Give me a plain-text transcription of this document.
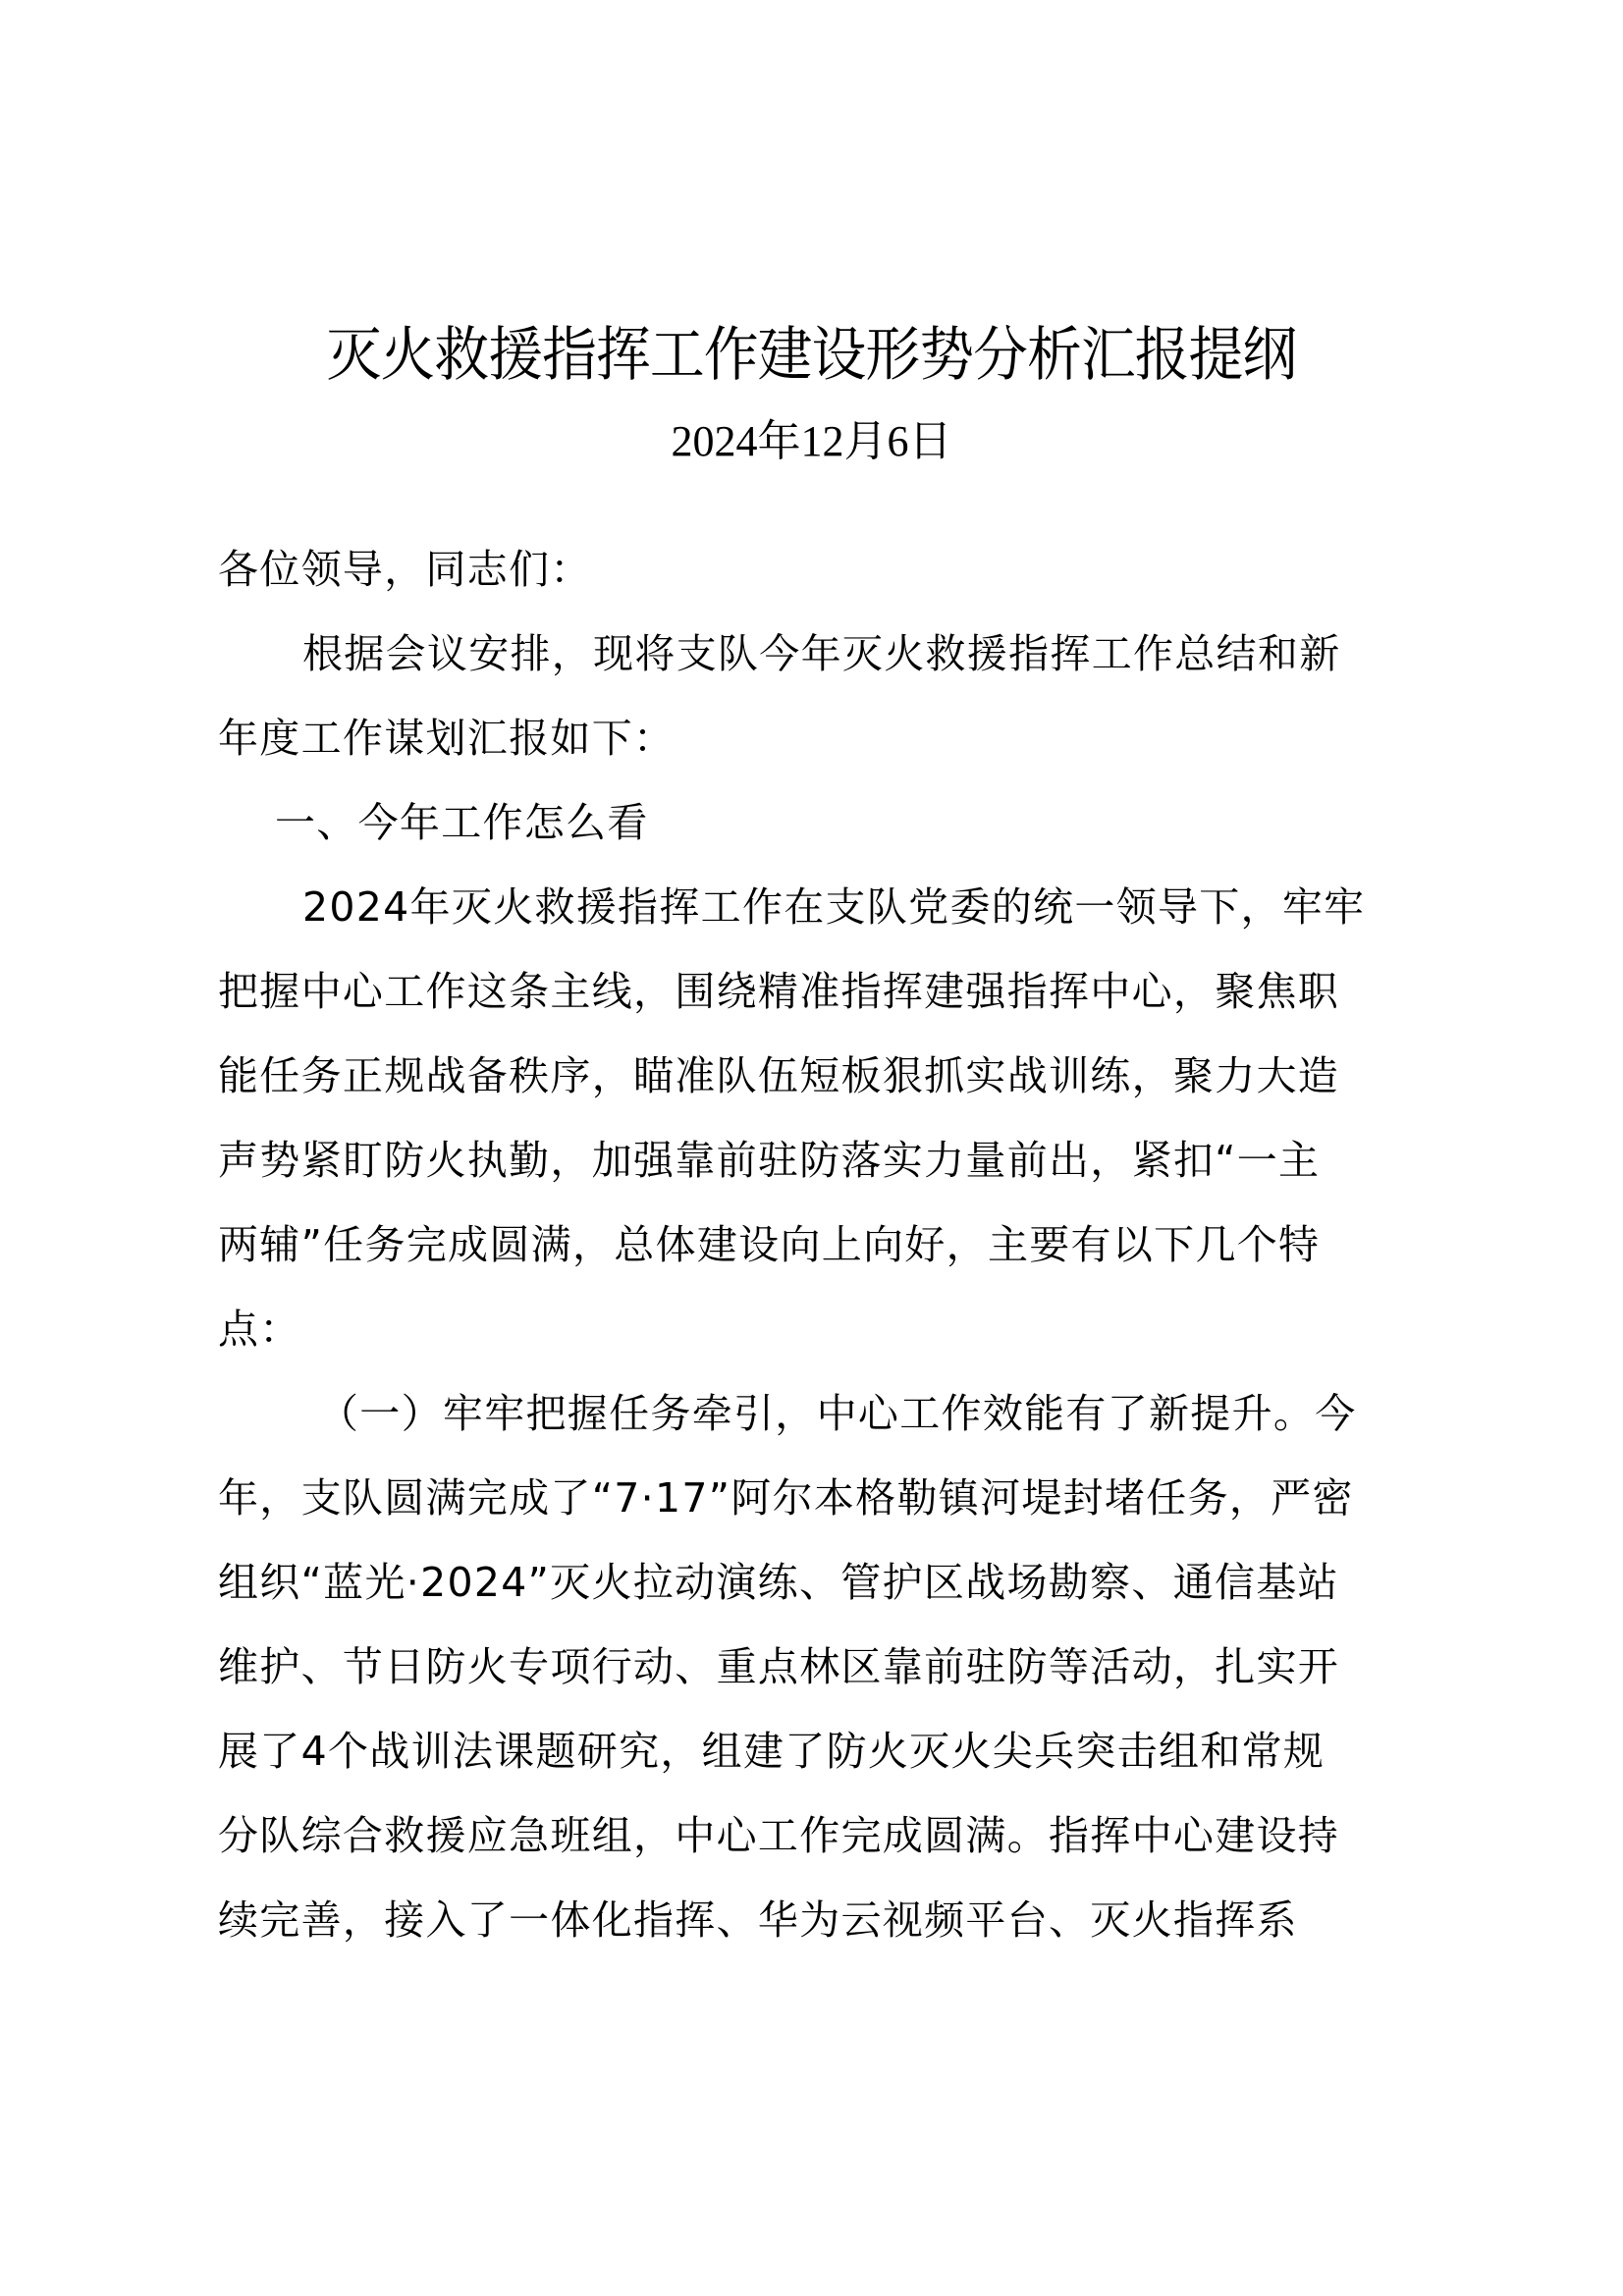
灭火救援指挥工作建设形势分析汇报提纲
2024年12月6日
各位领导，同志们：
根据会议安排，现将支队今年灭火救援指挥工作总结和新
年度工作谋划汇报如下：
一、今年工作怎么看
2024年灭火救援指挥工作在支队党委的统一领导下，牢牢
把握中心工作这条主线，围绕精准指挥建强指挥中心，聚焦职
能任务正规战备秩序，瞄准队伍短板狠抓实战训练，聚力大造
声势紧盯防火执勤，加强靠前驻防落实力量前出，紧扣“一主
两辅”任务完成圆满，总体建设向上向好，主要有以下几个特
点：
（一）牢牢把握任务牵引，中心工作效能有了新提升。今
年，支队圆满完成了“7·17”阿尔本格勒镇河堤封堵任务，严密
组织“蓝光·2024”灭火拉动演练、管护区战场勘察、通信基站
维护、节日防火专项行动、重点林区靠前驻防等活动，扎实开
展了4个战训法课题研究，组建了防火灭火尖兵突击组和常规
分队综合救援应急班组，中心工作完成圆满。指挥中心建设持
续完善，接入了一体化指挥、华为云视频平台、灭火指挥系
